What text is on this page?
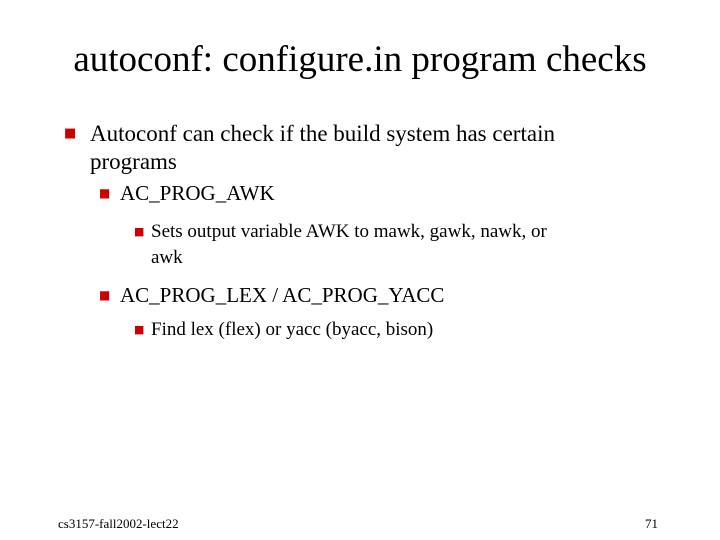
autoconf: configure.in program checks
■ Autoconf can check if the build system has certain
programs
■ AC_PROG_AWK
■ Sets output variable AWK to mawk, gawk, nawk, or
awk
■ AC_PROG_LEX / AC_PROG_YACC
■ Find lex (flex) or yacc (byacc, bison)
cs3157-fall2002-lect22	71
